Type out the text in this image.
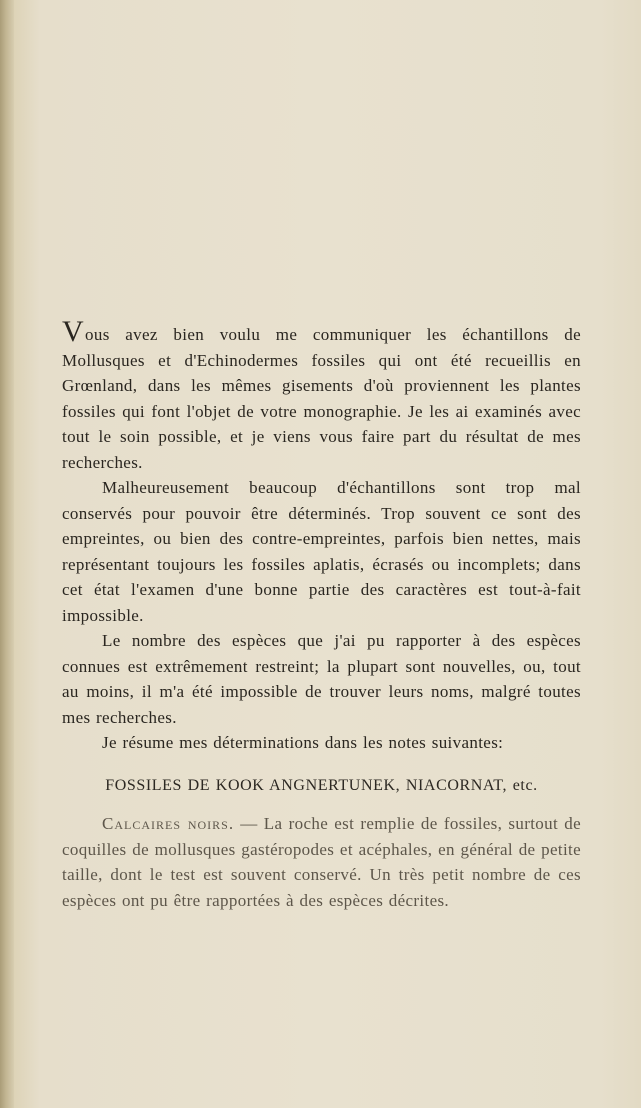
Vous avez bien voulu me communiquer les échantillons de Mollusques et d'Echinodermes fossiles qui ont été recueillis en Grœnland, dans les mêmes gisements d'où proviennent les plantes fossiles qui font l'objet de votre monographie. Je les ai examinés avec tout le soin possible, et je viens vous faire part du résultat de mes recherches.

Malheureusement beaucoup d'échantillons sont trop mal conservés pour pouvoir être déterminés. Trop souvent ce sont des empreintes, ou bien des contre-empreintes, parfois bien nettes, mais représentant toujours les fossiles aplatis, écrasés ou incomplets; dans cet état l'examen d'une bonne partie des caractères est tout-à-fait impossible.

Le nombre des espèces que j'ai pu rapporter à des espèces connues est extrêmement restreint; la plupart sont nouvelles, ou, tout au moins, il m'a été impossible de trouver leurs noms, malgré toutes mes recherches.

Je résume mes déterminations dans les notes suivantes:

FOSSILES DE KOOK ANGNERTUNEK, NIACORNAT, etc.

Calcaires noirs. — La roche est remplie de fossiles, surtout de coquilles de mollusques gastéropodes et acéphales, en général de petite taille, dont le test est souvent conservé. Un très petit nombre de ces espèces ont pu être rapportées à des espèces décrites.
